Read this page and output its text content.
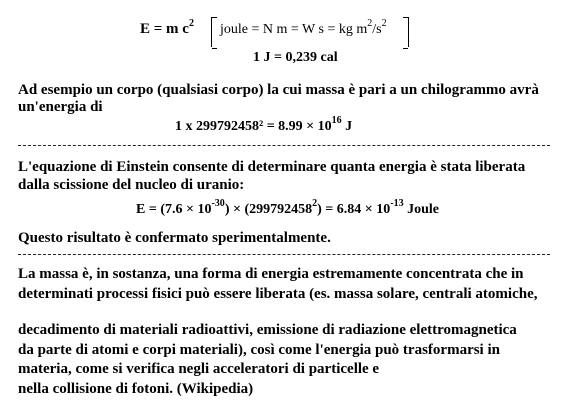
E = m $c^2$ joule = N m = W s = kg $m^2/s^2$
1 J = 0,239 cal
Ad esempio un corpo (qualsiasi corpo) la cui massa è pari a un chilogrammo avrà
un'energia di
1 x $299792458^2 = 8.99 \times 10^{16}$ J
L'equazione di Einstein consente di determinare quanta energia è stata liberata
dalla scissione del nucleo di uranio:
$E = (7.6 \times 10^{-30}) \times (299792458^2) = 6.84 \times 10^{-13}$ Joule
Questo risultato è confermato sperimentalmente.
La massa è, in sostanza, una forma di energia estremamente concentrata che in
determinati processi fisici può essere liberata (es. massa solare, centrali atomiche,
decadimento di materiali radioattivi, emissione di radiazione elettromagnetica
da parte di atomi e corpi materiali), così come l'energia può trasformarsi in
materia, come si verifica negli acceleratori di particelle e
nella collisione di fotoni. (Wikipedia)
